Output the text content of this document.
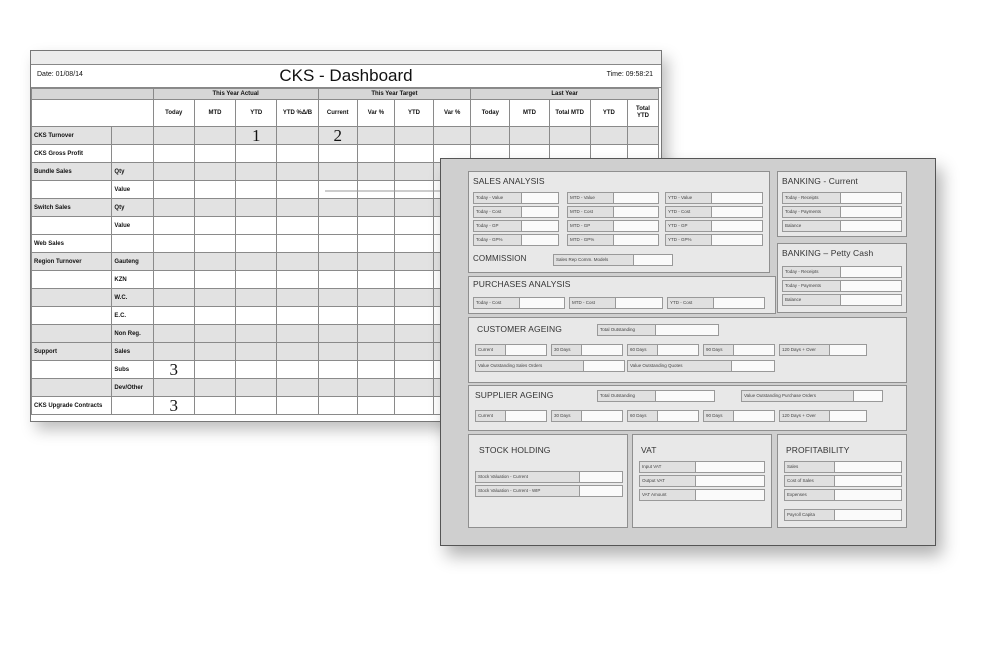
Date: 01/08/14	CKS - Dashboard	Time: 09:58:21
		This Year Actual				This Year Target				Last Year				
		Today	MTD	YTD	YTD %Δ/B	Current	Var %	YTD	Var %	Today	MTD	Total MTD	YTD	Total YTD
CKS Turnover				1		2								
CKS Gross Profit														
Bundle Sales	Qty													
	Value													
Switch Sales	Qty													
	Value													
Web Sales														
Region Turnover	Gauteng													
	KZN													
	W.C.													
	E.C.													
	Non Reg.													
Support	Sales													
	Subs	3												
	Dev/Other													
CKS Upgrade Contracts		3												
SALES ANALYSIS
Today - Value
Today - Cost
Today - GP
Today - GP%
MTD - Value
MTD - Cost
MTD - GP
MTD - GP%
YTD - Value
YTD - Cost
YTD - GP
YTD - GP%
COMMISSION	Sales Rep Comm. Models
PURCHASES ANALYSIS
Today - Cost	MTD - Cost	YTD - Cost
BANKING - Current
Today - Receipts
Today - Payments
Balance
BANKING – Petty Cash
Today - Receipts
Today - Payments
Balance
CUSTOMER AGEING	Total Outstanding
Current	30 Days	60 Days	90 Days	120 Days + Over
Value Outstanding Sales Orders	Value Outstanding Quotes
SUPPLIER AGEING	Total Outstanding	Value Outstanding Purchase Orders
Current	30 Days	60 Days	90 Days	120 Days + Over
STOCK HOLDING
Stock Valuation - Current
Stock Valuation - Current - WIP
VAT
Input VAT
Output VAT
VAT Amount
PROFITABILITY
Sales
Cost of Sales
Expenses
Payroll Capita
